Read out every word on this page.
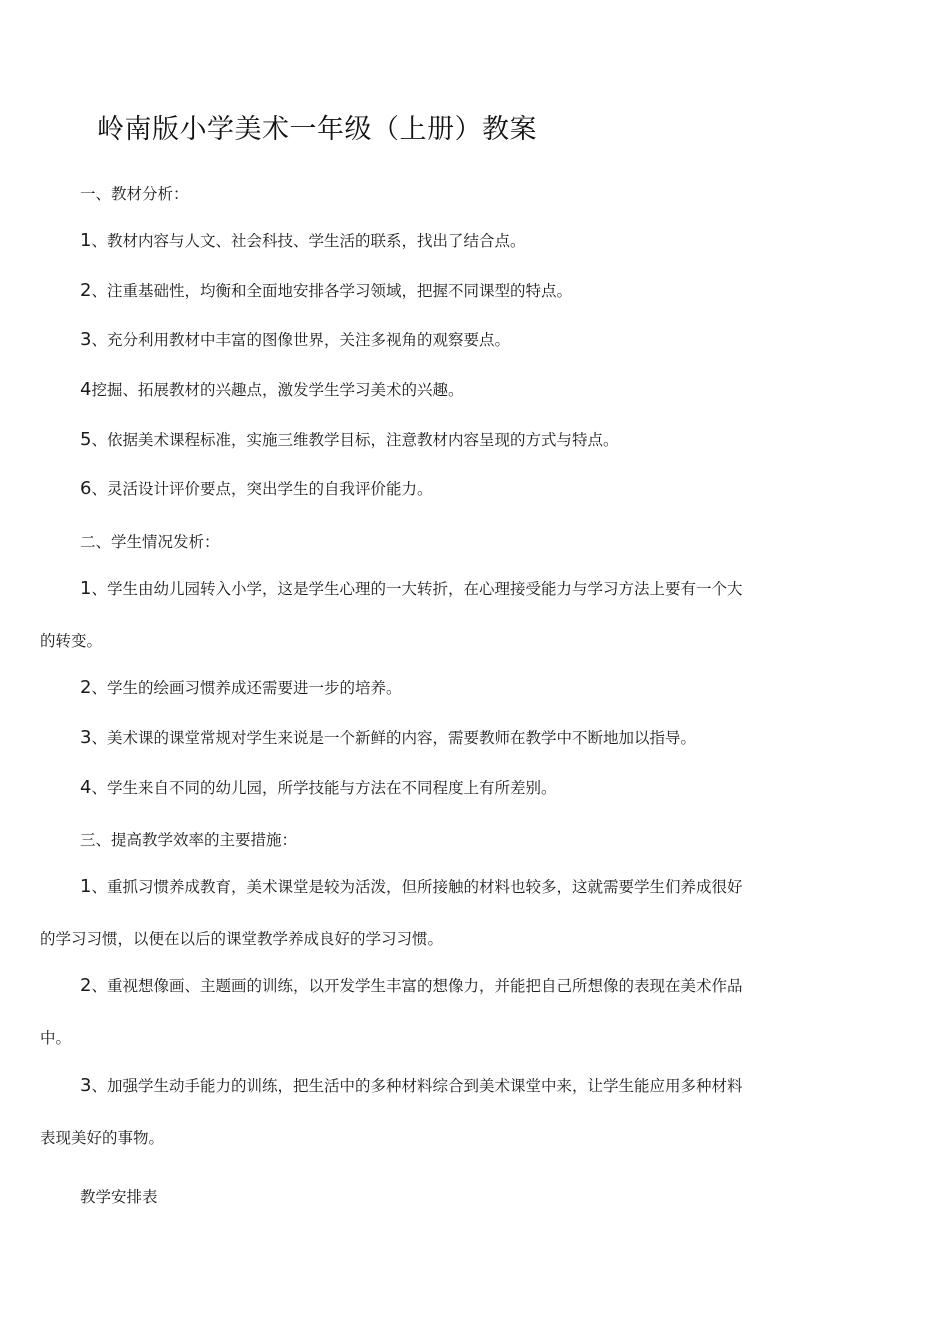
岭南版小学美术一年级（上册）教案
一、教材分析：
1、教材内容与人文、社会科技、学生活的联系，找出了结合点。
2、注重基础性，均衡和全面地安排各学习领域，把握不同课型的特点。
3、充分利用教材中丰富的图像世界，关注多视角的观察要点。
4挖掘、拓展教材的兴趣点，激发学生学习美术的兴趣。
5、依据美术课程标准，实施三维教学目标，注意教材内容呈现的方式与特点。
6、灵活设计评价要点，突出学生的自我评价能力。
二、学生情况发析：
1、学生由幼儿园转入小学，这是学生心理的一大转折，在心理接受能力与学习方法上要有一个大
的转变。
2、学生的绘画习惯养成还需要进一步的培养。
3、美术课的课堂常规对学生来说是一个新鲜的内容，需要教师在教学中不断地加以指导。
4、学生来自不同的幼儿园，所学技能与方法在不同程度上有所差别。
三、提高教学效率的主要措施：
1、重抓习惯养成教育，美术课堂是较为活泼，但所接触的材料也较多，这就需要学生们养成很好
的学习习惯，以便在以后的课堂教学养成良好的学习习惯。
2、重视想像画、主题画的训练，以开发学生丰富的想像力，并能把自己所想像的表现在美术作品
中。
3、加强学生动手能力的训练，把生活中的多种材料综合到美术课堂中来，让学生能应用多种材料
表现美好的事物。
教学安排表
